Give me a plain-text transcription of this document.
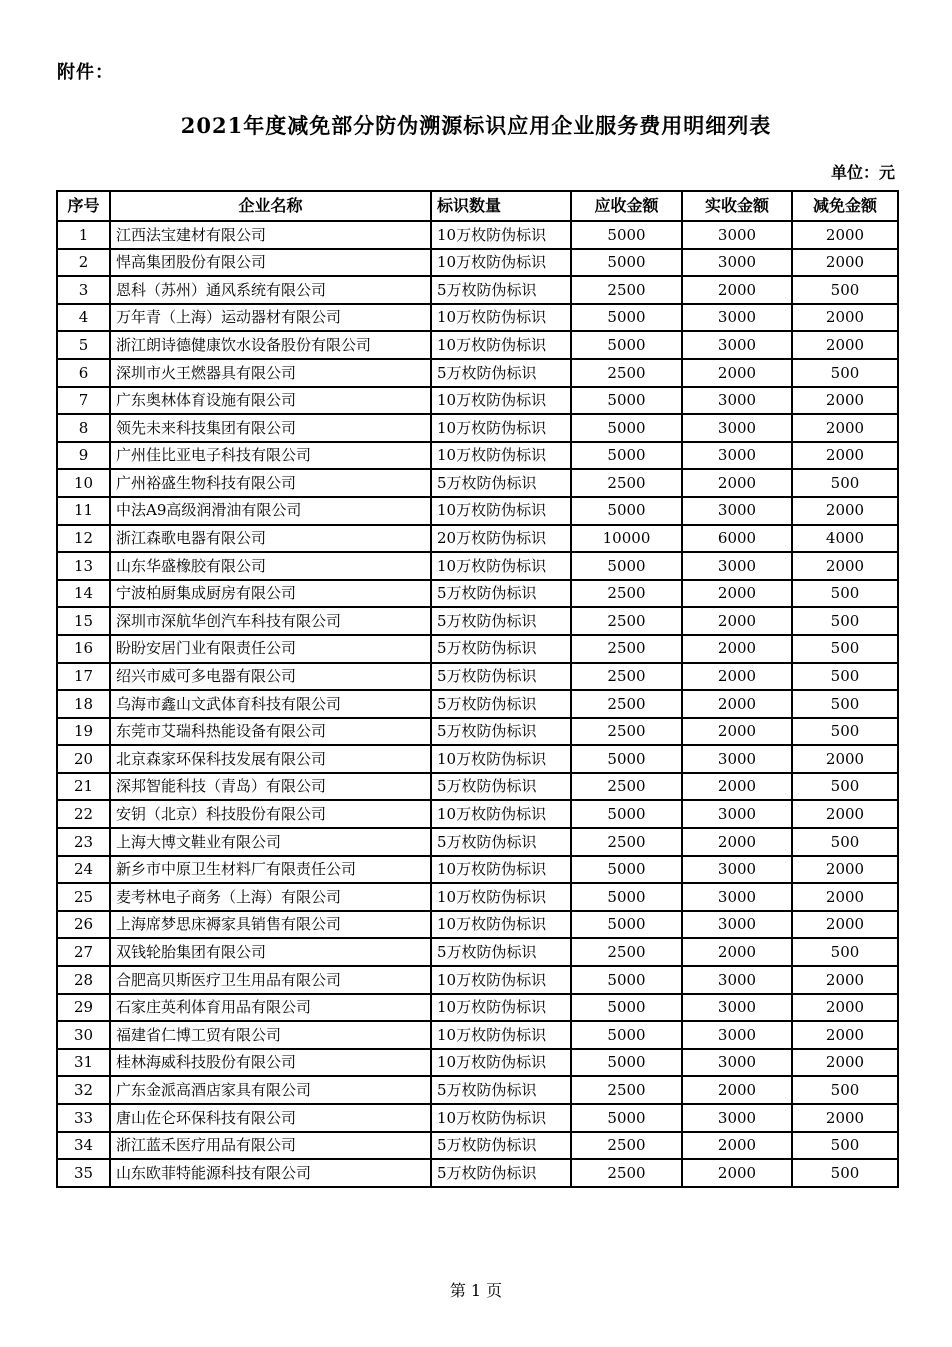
附件：
2021年度减免部分防伪溯源标识应用企业服务费用明细列表
单位：元
序号	企业名称	标识数量	应收金额	实收金额	减免金额
1	江西法宝建材有限公司	10万枚防伪标识	5000	3000	2000
2	悍高集团股份有限公司	10万枚防伪标识	5000	3000	2000
3	恩科（苏州）通风系统有限公司	5万枚防伪标识	2500	2000	500
4	万年青（上海）运动器材有限公司	10万枚防伪标识	5000	3000	2000
5	浙江朗诗德健康饮水设备股份有限公司	10万枚防伪标识	5000	3000	2000
6	深圳市火王燃器具有限公司	5万枚防伪标识	2500	2000	500
7	广东奥林体育设施有限公司	10万枚防伪标识	5000	3000	2000
8	领先未来科技集团有限公司	10万枚防伪标识	5000	3000	2000
9	广州佳比亚电子科技有限公司	10万枚防伪标识	5000	3000	2000
10	广州裕盛生物科技有限公司	5万枚防伪标识	2500	2000	500
11	中法A9高级润滑油有限公司	10万枚防伪标识	5000	3000	2000
12	浙江森歌电器有限公司	20万枚防伪标识	10000	6000	4000
13	山东华盛橡胶有限公司	10万枚防伪标识	5000	3000	2000
14	宁波柏厨集成厨房有限公司	5万枚防伪标识	2500	2000	500
15	深圳市深航华创汽车科技有限公司	5万枚防伪标识	2500	2000	500
16	盼盼安居门业有限责任公司	5万枚防伪标识	2500	2000	500
17	绍兴市威可多电器有限公司	5万枚防伪标识	2500	2000	500
18	乌海市鑫山文武体育科技有限公司	5万枚防伪标识	2500	2000	500
19	东莞市艾瑞科热能设备有限公司	5万枚防伪标识	2500	2000	500
20	北京森家环保科技发展有限公司	10万枚防伪标识	5000	3000	2000
21	深邦智能科技（青岛）有限公司	5万枚防伪标识	2500	2000	500
22	安钥（北京）科技股份有限公司	10万枚防伪标识	5000	3000	2000
23	上海大博文鞋业有限公司	5万枚防伪标识	2500	2000	500
24	新乡市中原卫生材料厂有限责任公司	10万枚防伪标识	5000	3000	2000
25	麦考林电子商务（上海）有限公司	10万枚防伪标识	5000	3000	2000
26	上海席梦思床褥家具销售有限公司	10万枚防伪标识	5000	3000	2000
27	双钱轮胎集团有限公司	5万枚防伪标识	2500	2000	500
28	合肥高贝斯医疗卫生用品有限公司	10万枚防伪标识	5000	3000	2000
29	石家庄英利体育用品有限公司	10万枚防伪标识	5000	3000	2000
30	福建省仁博工贸有限公司	10万枚防伪标识	5000	3000	2000
31	桂林海威科技股份有限公司	10万枚防伪标识	5000	3000	2000
32	广东金派高酒店家具有限公司	5万枚防伪标识	2500	2000	500
33	唐山佐仑环保科技有限公司	10万枚防伪标识	5000	3000	2000
34	浙江蓝禾医疗用品有限公司	5万枚防伪标识	2500	2000	500
35	山东欧菲特能源科技有限公司	5万枚防伪标识	2500	2000	500
第 1 页
